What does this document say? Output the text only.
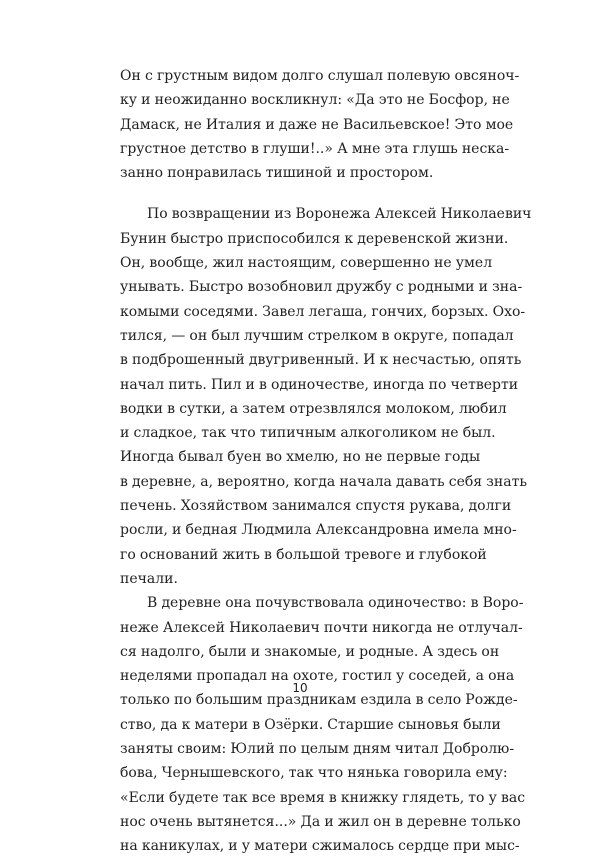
Он с грустным видом долго слушал полевую овсяноч-
ку и неожиданно воскликнул: «Да это не Босфор, не
Дамаск, не Италия и даже не Васильевское! Это мое
грустное детство в глуши!..» А мне эта глушь неска-
занно понравилась тишиной и простором.
По возвращении из Воронежа Алексей Николаевич
Бунин быстро приспособился к деревенской жизни.
Он, вообще, жил настоящим, совершенно не умел
унывать. Быстро возобновил дружбу с родными и зна-
комыми соседями. Завел легаша, гончих, борзых. Охо-
тился, — он был лучшим стрелком в округе, попадал
в подброшенный двугривенный. И к несчастью, опять
начал пить. Пил и в одиночестве, иногда по четверти
водки в сутки, а затем отрезвлялся молоком, любил
и сладкое, так что типичным алкоголиком не был.
Иногда бывал буен во хмелю, но не первые годы
в деревне, а, вероятно, когда начала давать себя знать
печень. Хозяйством занимался спустя рукава, долги
росли, и бедная Людмила Александровна имела мно-
го оснований жить в большой тревоге и глубокой
печали.
В деревне она почувствовала одиночество: в Воро-
неже Алексей Николаевич почти никогда не отлучал-
ся надолго, были и знакомые, и родные. А здесь он
неделями пропадал на охоте, гостил у соседей, а она
только по большим праздникам ездила в село Рожде-
ство, да к матери в Озёрки. Старшие сыновья были
заняты своим: Юлий по целым дням читал Добролю-
бова, Чернышевского, так что нянька говорила ему:
«Если будете так все время в книжку глядеть, то у вас
нос очень вытянется...» Да и жил он в деревне только
на каникулах, и у матери сжималось сердце при мыс-
10
